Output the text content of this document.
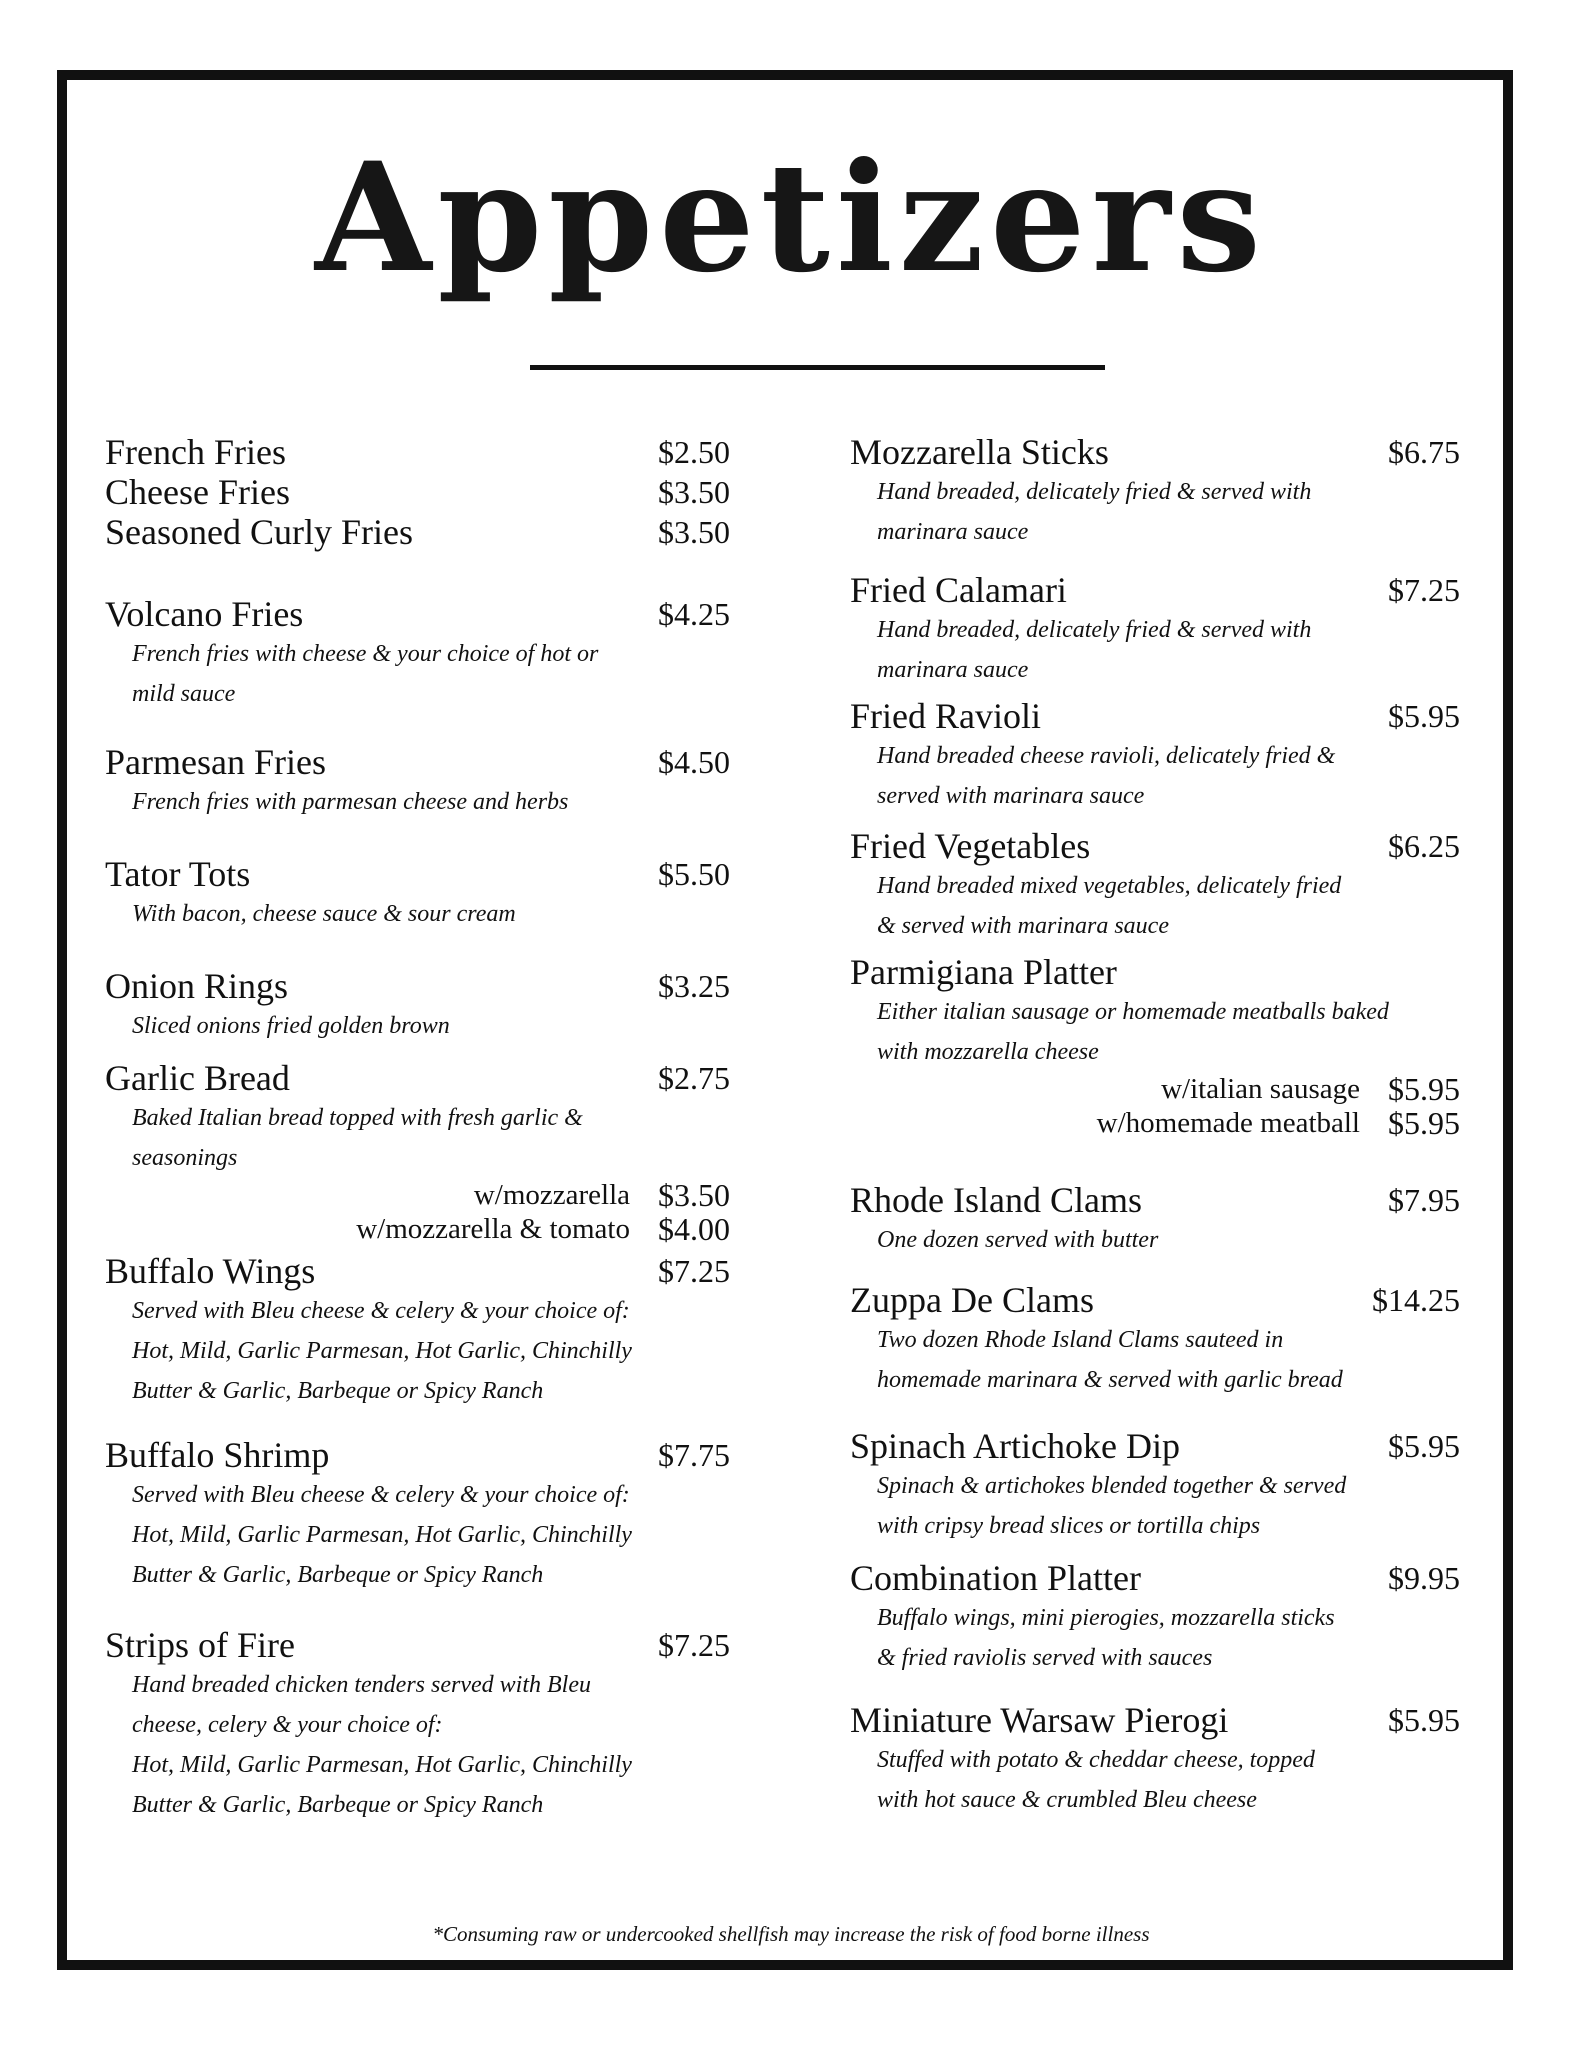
Appetizers
French Fries	$2.50
Cheese Fries	$3.50
Seasoned Curly Fries	$3.50
Volcano Fries	$4.25
French fries with cheese & your choice of hot or
mild sauce
Parmesan Fries	$4.50
French fries with parmesan cheese and herbs
Tator Tots	$5.50
With bacon, cheese sauce & sour cream
Onion Rings	$3.25
Sliced onions fried golden brown
Garlic Bread	$2.75
Baked Italian bread topped with fresh garlic &
seasonings
w/mozzarella $3.50
w/mozzarella & tomato $4.00
Buffalo Wings	$7.25
Served with Bleu cheese & celery & your choice of:
Hot, Mild, Garlic Parmesan, Hot Garlic, Chinchilly
Butter & Garlic, Barbeque or Spicy Ranch
Buffalo Shrimp	$7.75
Served with Bleu cheese & celery & your choice of:
Hot, Mild, Garlic Parmesan, Hot Garlic, Chinchilly
Butter & Garlic, Barbeque or Spicy Ranch
Strips of Fire	$7.25
Hand breaded chicken tenders served with Bleu
cheese, celery & your choice of:
Hot, Mild, Garlic Parmesan, Hot Garlic, Chinchilly
Butter & Garlic, Barbeque or Spicy Ranch
Mozzarella Sticks	$6.75
Hand breaded, delicately fried & served with
marinara sauce
Fried Calamari	$7.25
Hand breaded, delicately fried & served with
marinara sauce
Fried Ravioli	$5.95
Hand breaded cheese ravioli, delicately fried &
served with marinara sauce
Fried Vegetables	$6.25
Hand breaded mixed vegetables, delicately fried
& served with marinara sauce
Parmigiana Platter
Either italian sausage or homemade meatballs baked
with mozzarella cheese
w/italian sausage $5.95
w/homemade meatball $5.95
Rhode Island Clams	$7.95
One dozen served with butter
Zuppa De Clams	$14.25
Two dozen Rhode Island Clams sauteed in
homemade marinara & served with garlic bread
Spinach Artichoke Dip	$5.95
Spinach & artichokes blended together & served
with cripsy bread slices or tortilla chips
Combination Platter	$9.95
Buffalo wings, mini pierogies, mozzarella sticks
& fried raviolis served with sauces
Miniature Warsaw Pierogi	$5.95
Stuffed with potato & cheddar cheese, topped
with hot sauce & crumbled Bleu cheese
*Consuming raw or undercooked shellfish may increase the risk of food borne illness
